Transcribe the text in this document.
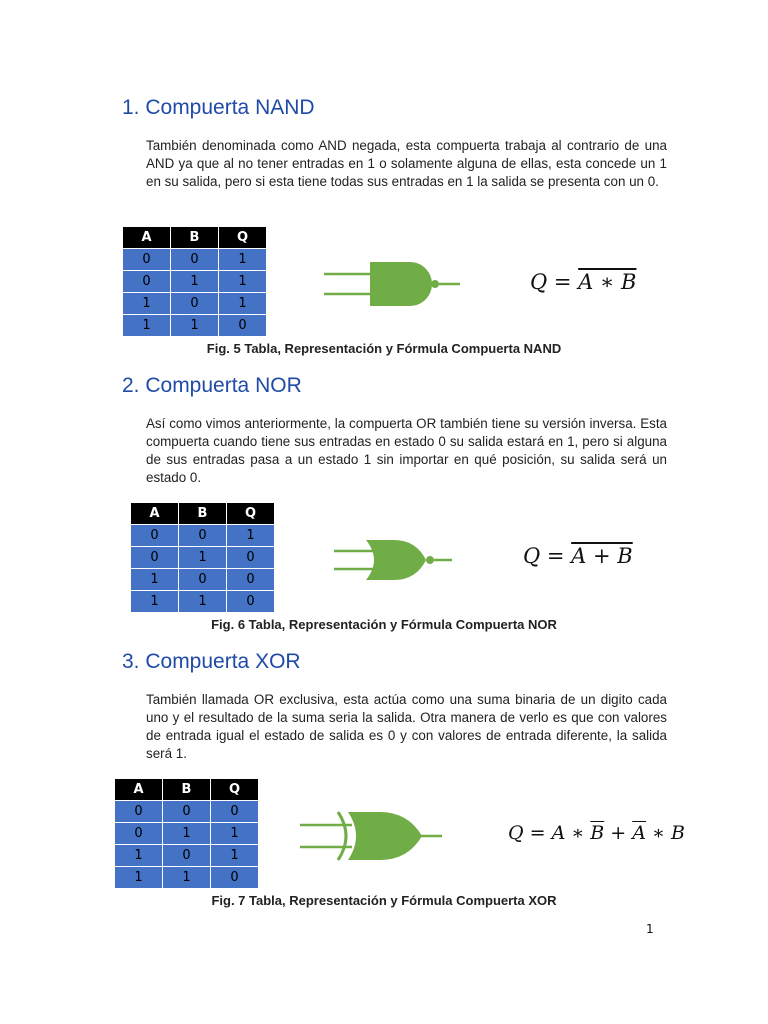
1. Compuerta NAND

También denominada como AND negada, esta compuerta trabaja al contrario de una AND ya que al no tener entradas en 1 o solamente alguna de ellas, esta concede un 1 en su salida, pero si esta tiene todas sus entradas en 1 la salida se presenta con un 0.

A	B	Q
0	0	1
0	1	1
1	0	1
1	1	0
Q = A ∗ B

Fig. 5 Tabla, Representación y Fórmula Compuerta NAND

2. Compuerta NOR

Así como vimos anteriormente, la compuerta OR también tiene su versión inversa. Esta compuerta cuando tiene sus entradas en estado 0 su salida estará en 1, pero si alguna de sus entradas pasa a un estado 1 sin importar en qué posición, su salida será un estado 0.

A	B	Q
0	0	1
0	1	0
1	0	0
1	1	0
Q = A + B

Fig. 6 Tabla, Representación y Fórmula Compuerta NOR

3. Compuerta XOR

También llamada OR exclusiva, esta actúa como una suma binaria de un digito cada uno y el resultado de la suma seria la salida. Otra manera de verlo es que con valores de entrada igual el estado de salida es 0 y con valores de entrada diferente, la salida será 1.

A	B	Q
0	0	0
0	1	1
1	0	1
1	1	0
Q = A ∗ $\overline{B} + \overline{A}$ ∗ B

Fig. 7 Tabla, Representación y Fórmula Compuerta XOR

1
